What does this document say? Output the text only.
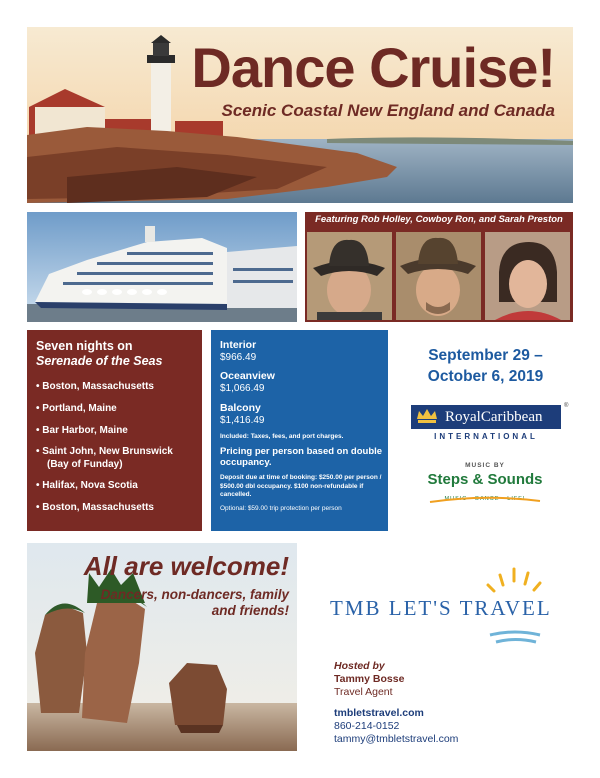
Dance Cruise!
Scenic Coastal New England and Canada
Featuring Rob Holley, Cowboy Ron, and Sarah Preston
Seven nights on
Serenade of the Seas
• Boston, Massachusetts
• Portland, Maine
• Bar Harbor, Maine
• Saint John, New Brunswick
(Bay of Funday)
• Halifax, Nova Scotia
• Boston, Massachusetts
Interior
$966.49
Oceanview
$1,066.49
Balcony
$1,416.49
Included: Taxes, fees, and port charges.
Pricing per person based on double occupancy.
Deposit due at time of booking: $250.00 per person / $500.00 dbl occupancy. $100 non-refundable if cancelled.
Optional: $59.00 trip protection per person
September 29 –
October 6, 2019
RoyalCaribbean
INTERNATIONAL
®
MUSIC BY
Steps & Sounds
MUSIC · DANCE · LIFE!
All are welcome!
Dancers, non-dancers, family and friends! TMB LET'S TRAVEL
Hosted by
Tammy Bosse
Travel Agent
tmbletstravel.com
860-214-0152
tammy@tmbletstravel.com
